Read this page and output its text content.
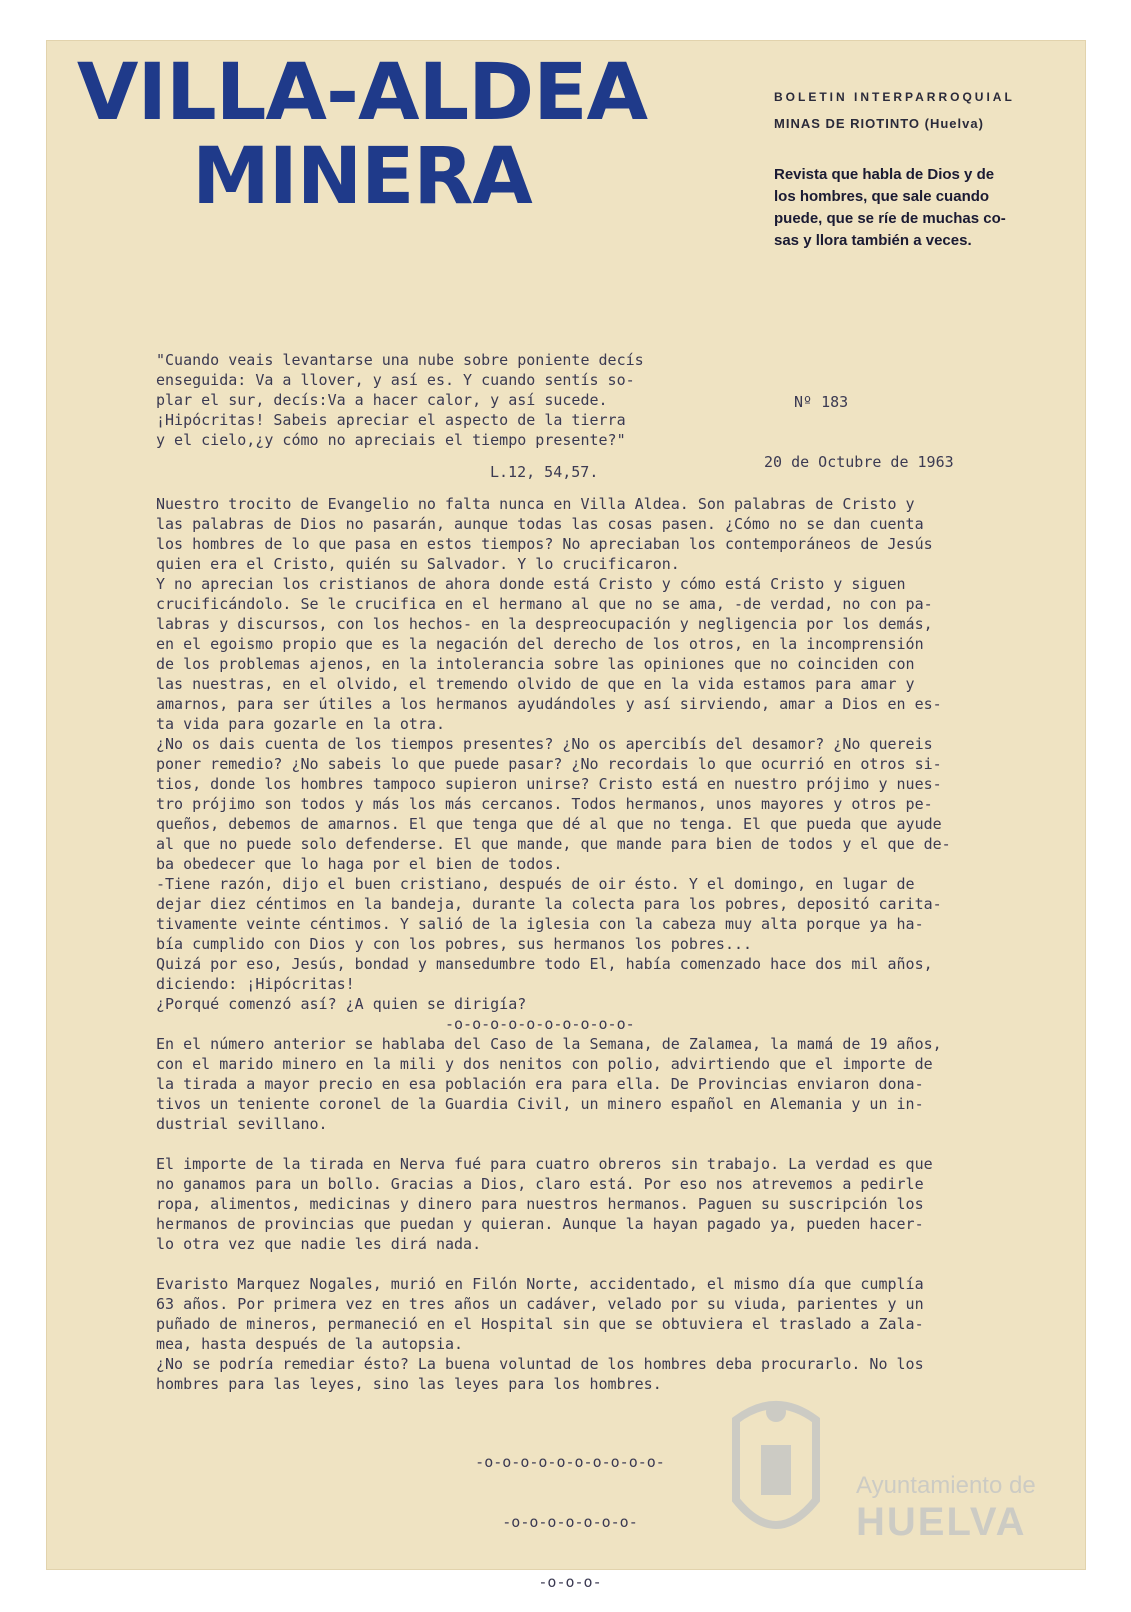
VILLA-ALDEA
MINERA
BOLETIN INTERPARROQUIAL
MINAS DE RIOTINTO (Huelva)
Revista que habla de Dios y de
los hombres, que sale cuando
puede, que se ríe de muchas co-
sas y llora también a veces.
"Cuando veais levantarse una nube sobre poniente decís
enseguida: Va a llover, y así es. Y cuando sentís so-
plar el sur, decís:Va a hacer calor, y así sucede.
¡Hipócritas! Sabeis apreciar el aspecto de la tierra
y el cielo,¿y cómo no apreciais el tiempo presente?"

Nº 183

20 de Octubre de 1963

L.12, 54,57.
Nuestro trocito de Evangelio no falta nunca en Villa Aldea. Son palabras de Cristo y
las palabras de Dios no pasarán, aunque todas las cosas pasen. ¿Cómo no se dan cuenta
los hombres de lo que pasa en estos tiempos? No apreciaban los contemporáneos de Jesús
quien era el Cristo, quién su Salvador. Y lo crucificaron.
Y no aprecian los cristianos de ahora donde está Cristo y cómo está Cristo y siguen
crucificándolo. Se le crucifica en el hermano al que no se ama, -de verdad, no con pa-
labras y discursos, con los hechos- en la despreocupación y negligencia por los demás,
en el egoismo propio que es la negación del derecho de los otros, en la incomprensión
de los problemas ajenos, en la intolerancia sobre las opiniones que no coinciden con
las nuestras, en el olvido, el tremendo olvido de que en la vida estamos para amar y
amarnos, para ser útiles a los hermanos ayudándoles y así sirviendo, amar a Dios en es-
ta vida para gozarle en la otra.
¿No os dais cuenta de los tiempos presentes? ¿No os apercibís del desamor? ¿No quereis
poner remedio? ¿No sabeis lo que puede pasar? ¿No recordais lo que ocurrió en otros si-
tios, donde los hombres tampoco supieron unirse? Cristo está en nuestro prójimo y nues-
tro prójimo son todos y más los más cercanos. Todos hermanos, unos mayores y otros pe-
queños, debemos de amarnos. El que tenga que dé al que no tenga. El que pueda que ayude
al que no puede solo defenderse. El que mande, que mande para bien de todos y el que de-
ba obedecer que lo haga por el bien de todos.
-Tiene razón, dijo el buen cristiano, después de oir ésto. Y el domingo, en lugar de
dejar diez céntimos en la bandeja, durante la colecta para los pobres, depositó carita-
tivamente veinte céntimos. Y salió de la iglesia con la cabeza muy alta porque ya ha-
bía cumplido con Dios y con los pobres, sus hermanos los pobres...
Quizá por eso, Jesús, bondad y mansedumbre todo El, había comenzado hace dos mil años,
diciendo: ¡Hipócritas!
¿Porqué comenzó así? ¿A quien se dirigía?
-o-o-o-o-o-o-o-o-o-o-
En el número anterior se hablaba del Caso de la Semana, de Zalamea, la mamá de 19 años,
con el marido minero en la mili y dos nenitos con polio, advirtiendo que el importe de
la tirada a mayor precio en esa población era para ella. De Provincias enviaron dona-
tivos un teniente coronel de la Guardia Civil, un minero español en Alemania y un in-
dustrial sevillano.

El importe de la tirada en Nerva fué para cuatro obreros sin trabajo. La verdad es que
no ganamos para un bollo. Gracias a Dios, claro está. Por eso nos atrevemos a pedirle
ropa, alimentos, medicinas y dinero para nuestros hermanos. Paguen su suscripción los
hermanos de provincias que puedan y quieran. Aunque la hayan pagado ya, pueden hacer-
lo otra vez que nadie les dirá nada.

Evaristo Marquez Nogales, murió en Filón Norte, accidentado, el mismo día que cumplía
63 años. Por primera vez en tres años un cadáver, velado por su viuda, parientes y un
puñado de mineros, permaneció en el Hospital sin que se obtuviera el traslado a Zala-
mea, hasta después de la autopsia.
¿No se podría remediar ésto? La buena voluntad de los hombres deba procurarlo. No los
hombres para las leyes, sino las leyes para los hombres.

-o-o-o-o-o-o-o-o-o-o-

-o-o-o-o-o-o-o-

-o-o-o-

Ayuntamiento de
HUELVA
